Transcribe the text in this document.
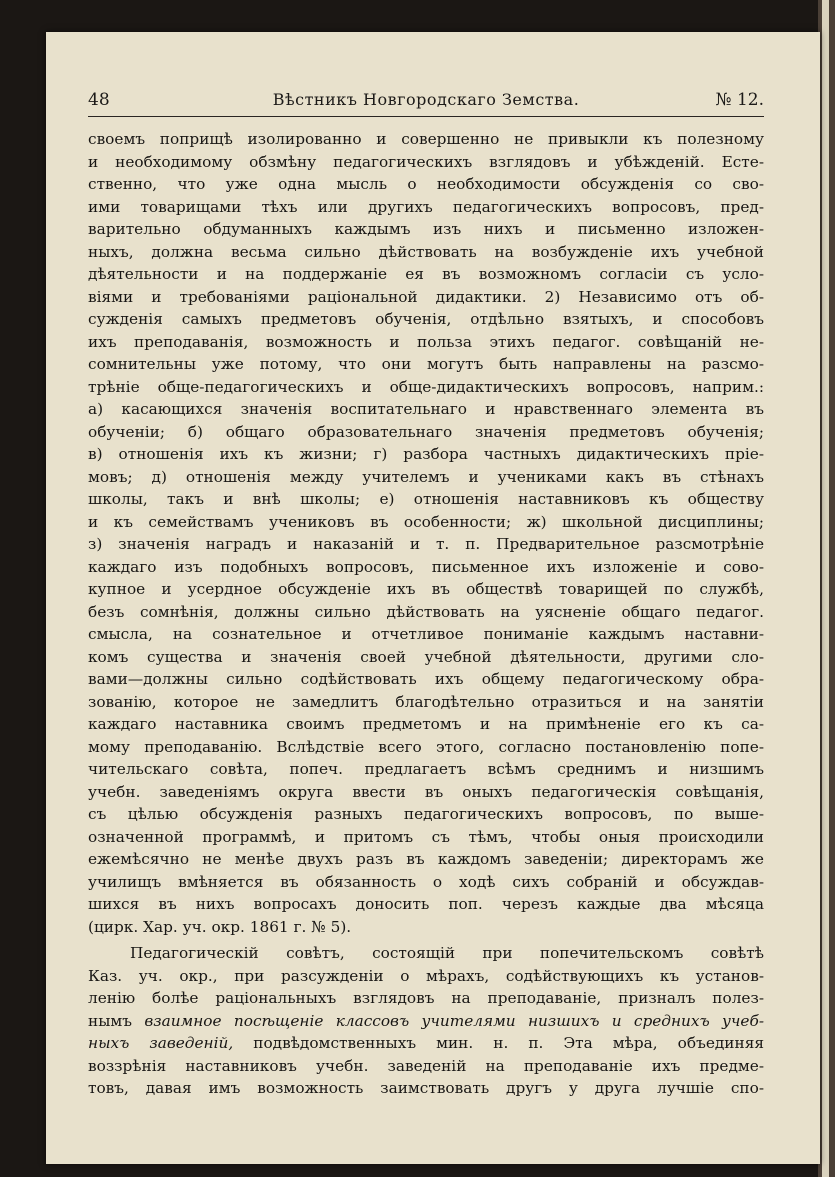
48	Вѣстникъ Новгородскаго Земства.	№ 12.
своемъ поприщѣ изолированно и совершенно не привыкли къ полезному
и необходимому обзмѣну педагогическихъ взглядовъ и убѣжденій. Есте-
ственно, что уже одна мысль о необходимости обсужденія со сво-
ими товарищами тѣхъ или другихъ педагогическихъ вопросовъ, пред-
варительно обдуманныхъ каждымъ изъ нихъ и письменно изложен-
ныхъ, должна весьма сильно дѣйствовать на возбужденіе ихъ учебной
дѣятельности и на поддержаніе ея въ возможномъ согласіи съ усло-
віями и требованіями раціональной дидактики. 2) Независимо отъ об-
сужденія самыхъ предметовъ обученія, отдѣльно взятыхъ, и способовъ
ихъ преподаванія, возможность и польза этихъ педагог. совѣщаній не-
сомнительны уже потому, что они могутъ быть направлены на разсмо-
трѣніе обще-педагогическихъ и обще-дидактическихъ вопросовъ, наприм.:
а) касающихся значенія воспитательнаго и нравственнаго элемента въ
обученіи; б) общаго образовательнаго значенія предметовъ обученія;
в) отношенія ихъ къ жизни; г) разбора частныхъ дидактическихъ пріе-
мовъ; д) отношенія между учителемъ и учениками какъ въ стѣнахъ
школы, такъ и внѣ школы; е) отношенія наставниковъ къ обществу
и къ семействамъ учениковъ въ особенности; ж) школьной дисциплины;
з) значенія наградъ и наказаній и т. п. Предварительное разсмотрѣніе
каждаго изъ подобныхъ вопросовъ, письменное ихъ изложеніе и сово-
купное и усердное обсужденіе ихъ въ обществѣ товарищей по службѣ,
безъ сомнѣнія, должны сильно дѣйствовать на уясненіе общаго педагог.
смысла, на сознательное и отчетливое пониманіе каждымъ наставни-
комъ существа и значенія своей учебной дѣятельности, другими сло-
вами—должны сильно содѣйствовать ихъ общему педагогическому обра-
зованію, которое не замедлитъ благодѣтельно отразиться и на занятіи
каждаго наставника своимъ предметомъ и на примѣненіе его къ са-
мому преподаванію. Вслѣдствіе всего этого, согласно постановленію попе-
чительскаго совѣта, попеч. предлагаетъ всѣмъ среднимъ и низшимъ
учебн. заведеніямъ округа ввести въ оныхъ педагогическія совѣщанія,
съ цѣлью обсужденія разныхъ педагогическихъ вопросовъ, по выше-
означенной программѣ, и притомъ съ тѣмъ, чтобы оныя происходили
ежемѣсячно не менѣе двухъ разъ въ каждомъ заведеніи; директорамъ же
училищъ вмѣняется въ обязанность о ходѣ сихъ собраній и обсуждав-
шихся въ нихъ вопросахъ доносить поп. черезъ каждые два мѣсяца
(цирк. Хар. уч. окр. 1861 г. № 5).
Педагогическій совѣтъ, состоящій при попечительскомъ совѣтѣ
Каз. уч. окр., при разсужденіи о мѣрахъ, содѣйствующихъ къ установ-
ленію болѣе раціональныхъ взглядовъ на преподаваніе, призналъ полез-
нымъ взаимное посѣщеніе классовъ учителями низшихъ и среднихъ учеб-
ныхъ заведеній, подвѣдомственныхъ мин. н. п. Эта мѣра, объединяя
воззрѣнія наставниковъ учебн. заведеній на преподаваніе ихъ предме-
товъ, давая имъ возможность заимствовать другъ у друга лучшіе спо-
